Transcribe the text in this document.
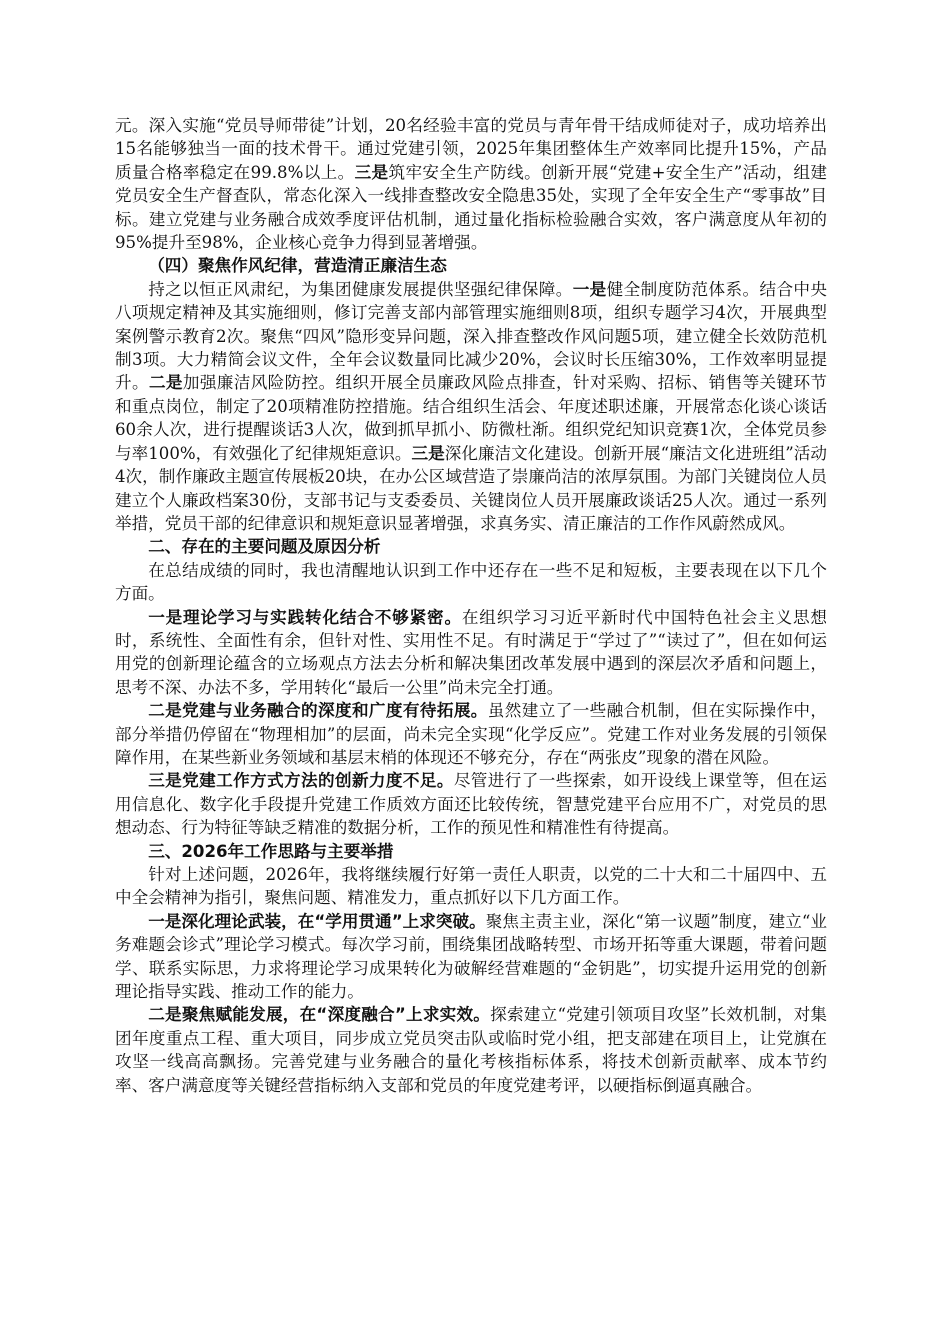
元。深入实施“党员导师带徒”计划，20名经验丰富的党员与青年骨干结成师徒对子，成功培养出15名能够独当一面的技术骨干。通过党建引领，2025年集团整体生产效率同比提升15%，产品质量合格率稳定在99.8%以上。三是筑牢安全生产防线。创新开展“党建+安全生产”活动，组建党员安全生产督查队，常态化深入一线排查整改安全隐患35处，实现了全年安全生产“零事故”目标。建立党建与业务融合成效季度评估机制，通过量化指标检验融合实效，客户满意度从年初的95%提升至98%，企业核心竞争力得到显著增强。

（四）聚焦作风纪律，营造清正廉洁生态

持之以恒正风肃纪，为集团健康发展提供坚强纪律保障。一是健全制度防范体系。结合中央八项规定精神及其实施细则，修订完善支部内部管理实施细则8项，组织专题学习4次，开展典型案例警示教育2次。聚焦“四风”隐形变异问题，深入排查整改作风问题5项，建立健全长效防范机制3项。大力精简会议文件，全年会议数量同比减少20%，会议时长压缩30%，工作效率明显提升。二是加强廉洁风险防控。组织开展全员廉政风险点排查，针对采购、招标、销售等关键环节和重点岗位，制定了20项精准防控措施。结合组织生活会、年度述职述廉，开展常态化谈心谈话60余人次，进行提醒谈话3人次，做到抓早抓小、防微杜渐。组织党纪知识竞赛1次，全体党员参与率100%，有效强化了纪律规矩意识。三是深化廉洁文化建设。创新开展“廉洁文化进班组”活动4次，制作廉政主题宣传展板20块，在办公区域营造了崇廉尚洁的浓厚氛围。为部门关键岗位人员建立个人廉政档案30份，支部书记与支委委员、关键岗位人员开展廉政谈话25人次。通过一系列举措，党员干部的纪律意识和规矩意识显著增强，求真务实、清正廉洁的工作作风蔚然成风。

二、存在的主要问题及原因分析

在总结成绩的同时，我也清醒地认识到工作中还存在一些不足和短板，主要表现在以下几个方面。

一是理论学习与实践转化结合不够紧密。在组织学习习近平新时代中国特色社会主义思想时，系统性、全面性有余，但针对性、实用性不足。有时满足于“学过了”“读过了”，但在如何运用党的创新理论蕴含的立场观点方法去分析和解决集团改革发展中遇到的深层次矛盾和问题上，思考不深、办法不多，学用转化“最后一公里”尚未完全打通。

二是党建与业务融合的深度和广度有待拓展。虽然建立了一些融合机制，但在实际操作中，部分举措仍停留在“物理相加”的层面，尚未完全实现“化学反应”。党建工作对业务发展的引领保障作用，在某些新业务领域和基层末梢的体现还不够充分，存在“两张皮”现象的潜在风险。

三是党建工作方式方法的创新力度不足。尽管进行了一些探索，如开设线上课堂等，但在运用信息化、数字化手段提升党建工作质效方面还比较传统，智慧党建平台应用不广，对党员的思想动态、行为特征等缺乏精准的数据分析，工作的预见性和精准性有待提高。

三、2026年工作思路与主要举措

针对上述问题，2026年，我将继续履行好第一责任人职责，以党的二十大和二十届四中、五中全会精神为指引，聚焦问题、精准发力，重点抓好以下几方面工作。

一是深化理论武装，在“学用贯通”上求突破。聚焦主责主业，深化“第一议题”制度，建立“业务难题会诊式”理论学习模式。每次学习前，围绕集团战略转型、市场开拓等重大课题，带着问题学、联系实际思，力求将理论学习成果转化为破解经营难题的“金钥匙”，切实提升运用党的创新理论指导实践、推动工作的能力。

二是聚焦赋能发展，在“深度融合”上求实效。探索建立“党建引领项目攻坚”长效机制，对集团年度重点工程、重大项目，同步成立党员突击队或临时党小组，把支部建在项目上，让党旗在攻坚一线高高飘扬。完善党建与业务融合的量化考核指标体系，将技术创新贡献率、成本节约率、客户满意度等关键经营指标纳入支部和党员的年度党建考评，以硬指标倒逼真融合。
